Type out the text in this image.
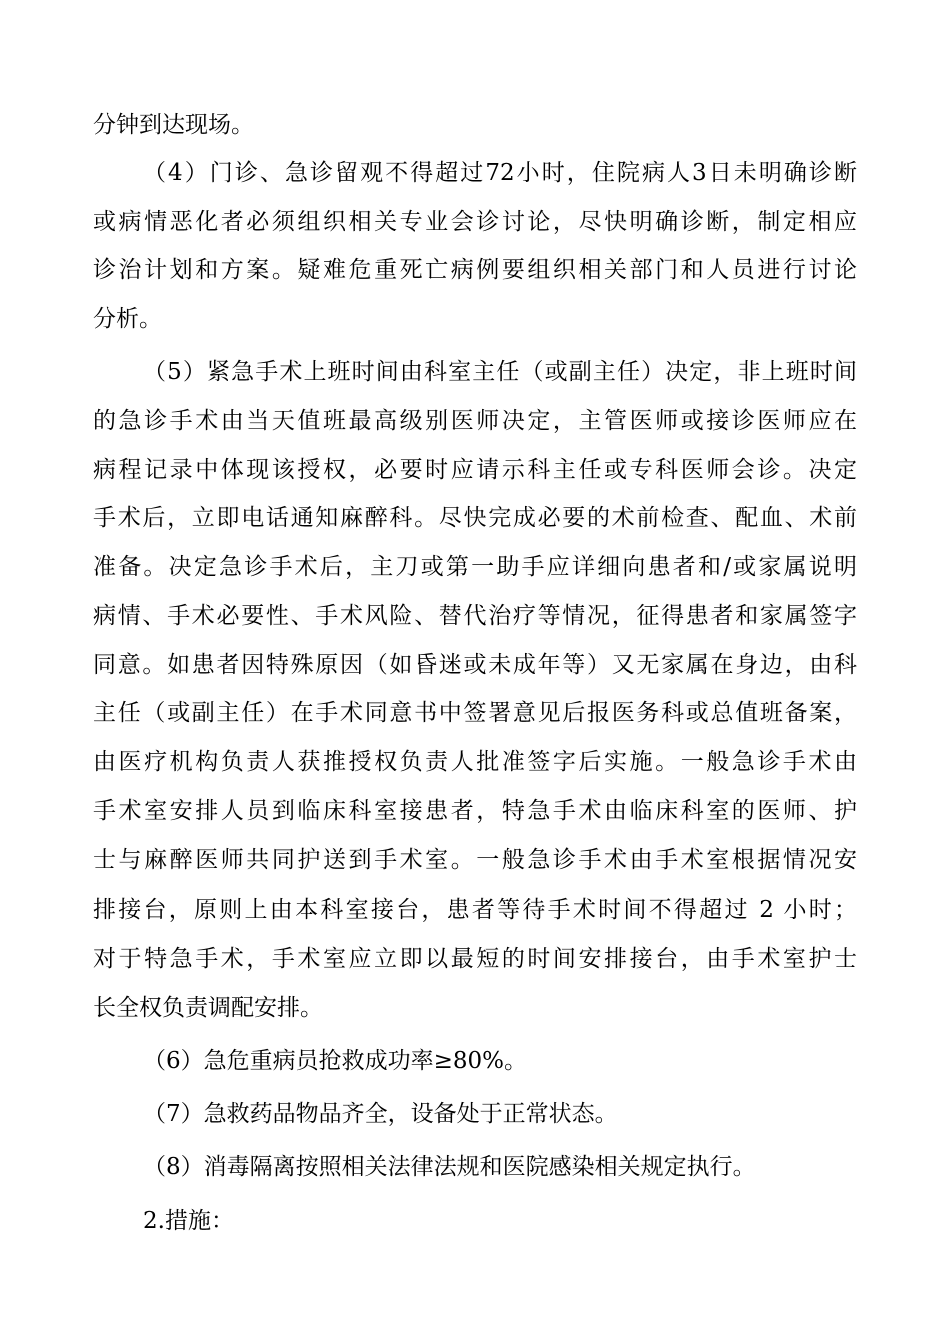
分钟到达现场。
（4）门诊、急诊留观不得超过72小时，住院病人3日未明确诊断
或病情恶化者必须组织相关专业会诊讨论，尽快明确诊断，制定相应
诊治计划和方案。疑难危重死亡病例要组织相关部门和人员进行讨论
分析。
（5）紧急手术上班时间由科室主任（或副主任）决定，非上班时间
的急诊手术由当天值班最高级别医师决定，主管医师或接诊医师应在
病程记录中体现该授权，必要时应请示科主任或专科医师会诊。决定
手术后，立即电话通知麻醉科。尽快完成必要的术前检查、配血、术前
准备。决定急诊手术后，主刀或第一助手应详细向患者和/或家属说明
病情、手术必要性、手术风险、替代治疗等情况，征得患者和家属签字
同意。如患者因特殊原因（如昏迷或未成年等）又无家属在身边，由科
主任（或副主任）在手术同意书中签署意见后报医务科或总值班备案，
由医疗机构负责人获推授权负责人批准签字后实施。一般急诊手术由
手术室安排人员到临床科室接患者，特急手术由临床科室的医师、护
士与麻醉医师共同护送到手术室。一般急诊手术由手术室根据情况安
排接台，原则上由本科室接台，患者等待手术时间不得超过 2 小时；
对于特急手术，手术室应立即以最短的时间安排接台，由手术室护士
长全权负责调配安排。
（6）急危重病员抢救成功率≥80%。
（7）急救药品物品齐全，设备处于正常状态。
（8）消毒隔离按照相关法律法规和医院感染相关规定执行。
2.措施：
